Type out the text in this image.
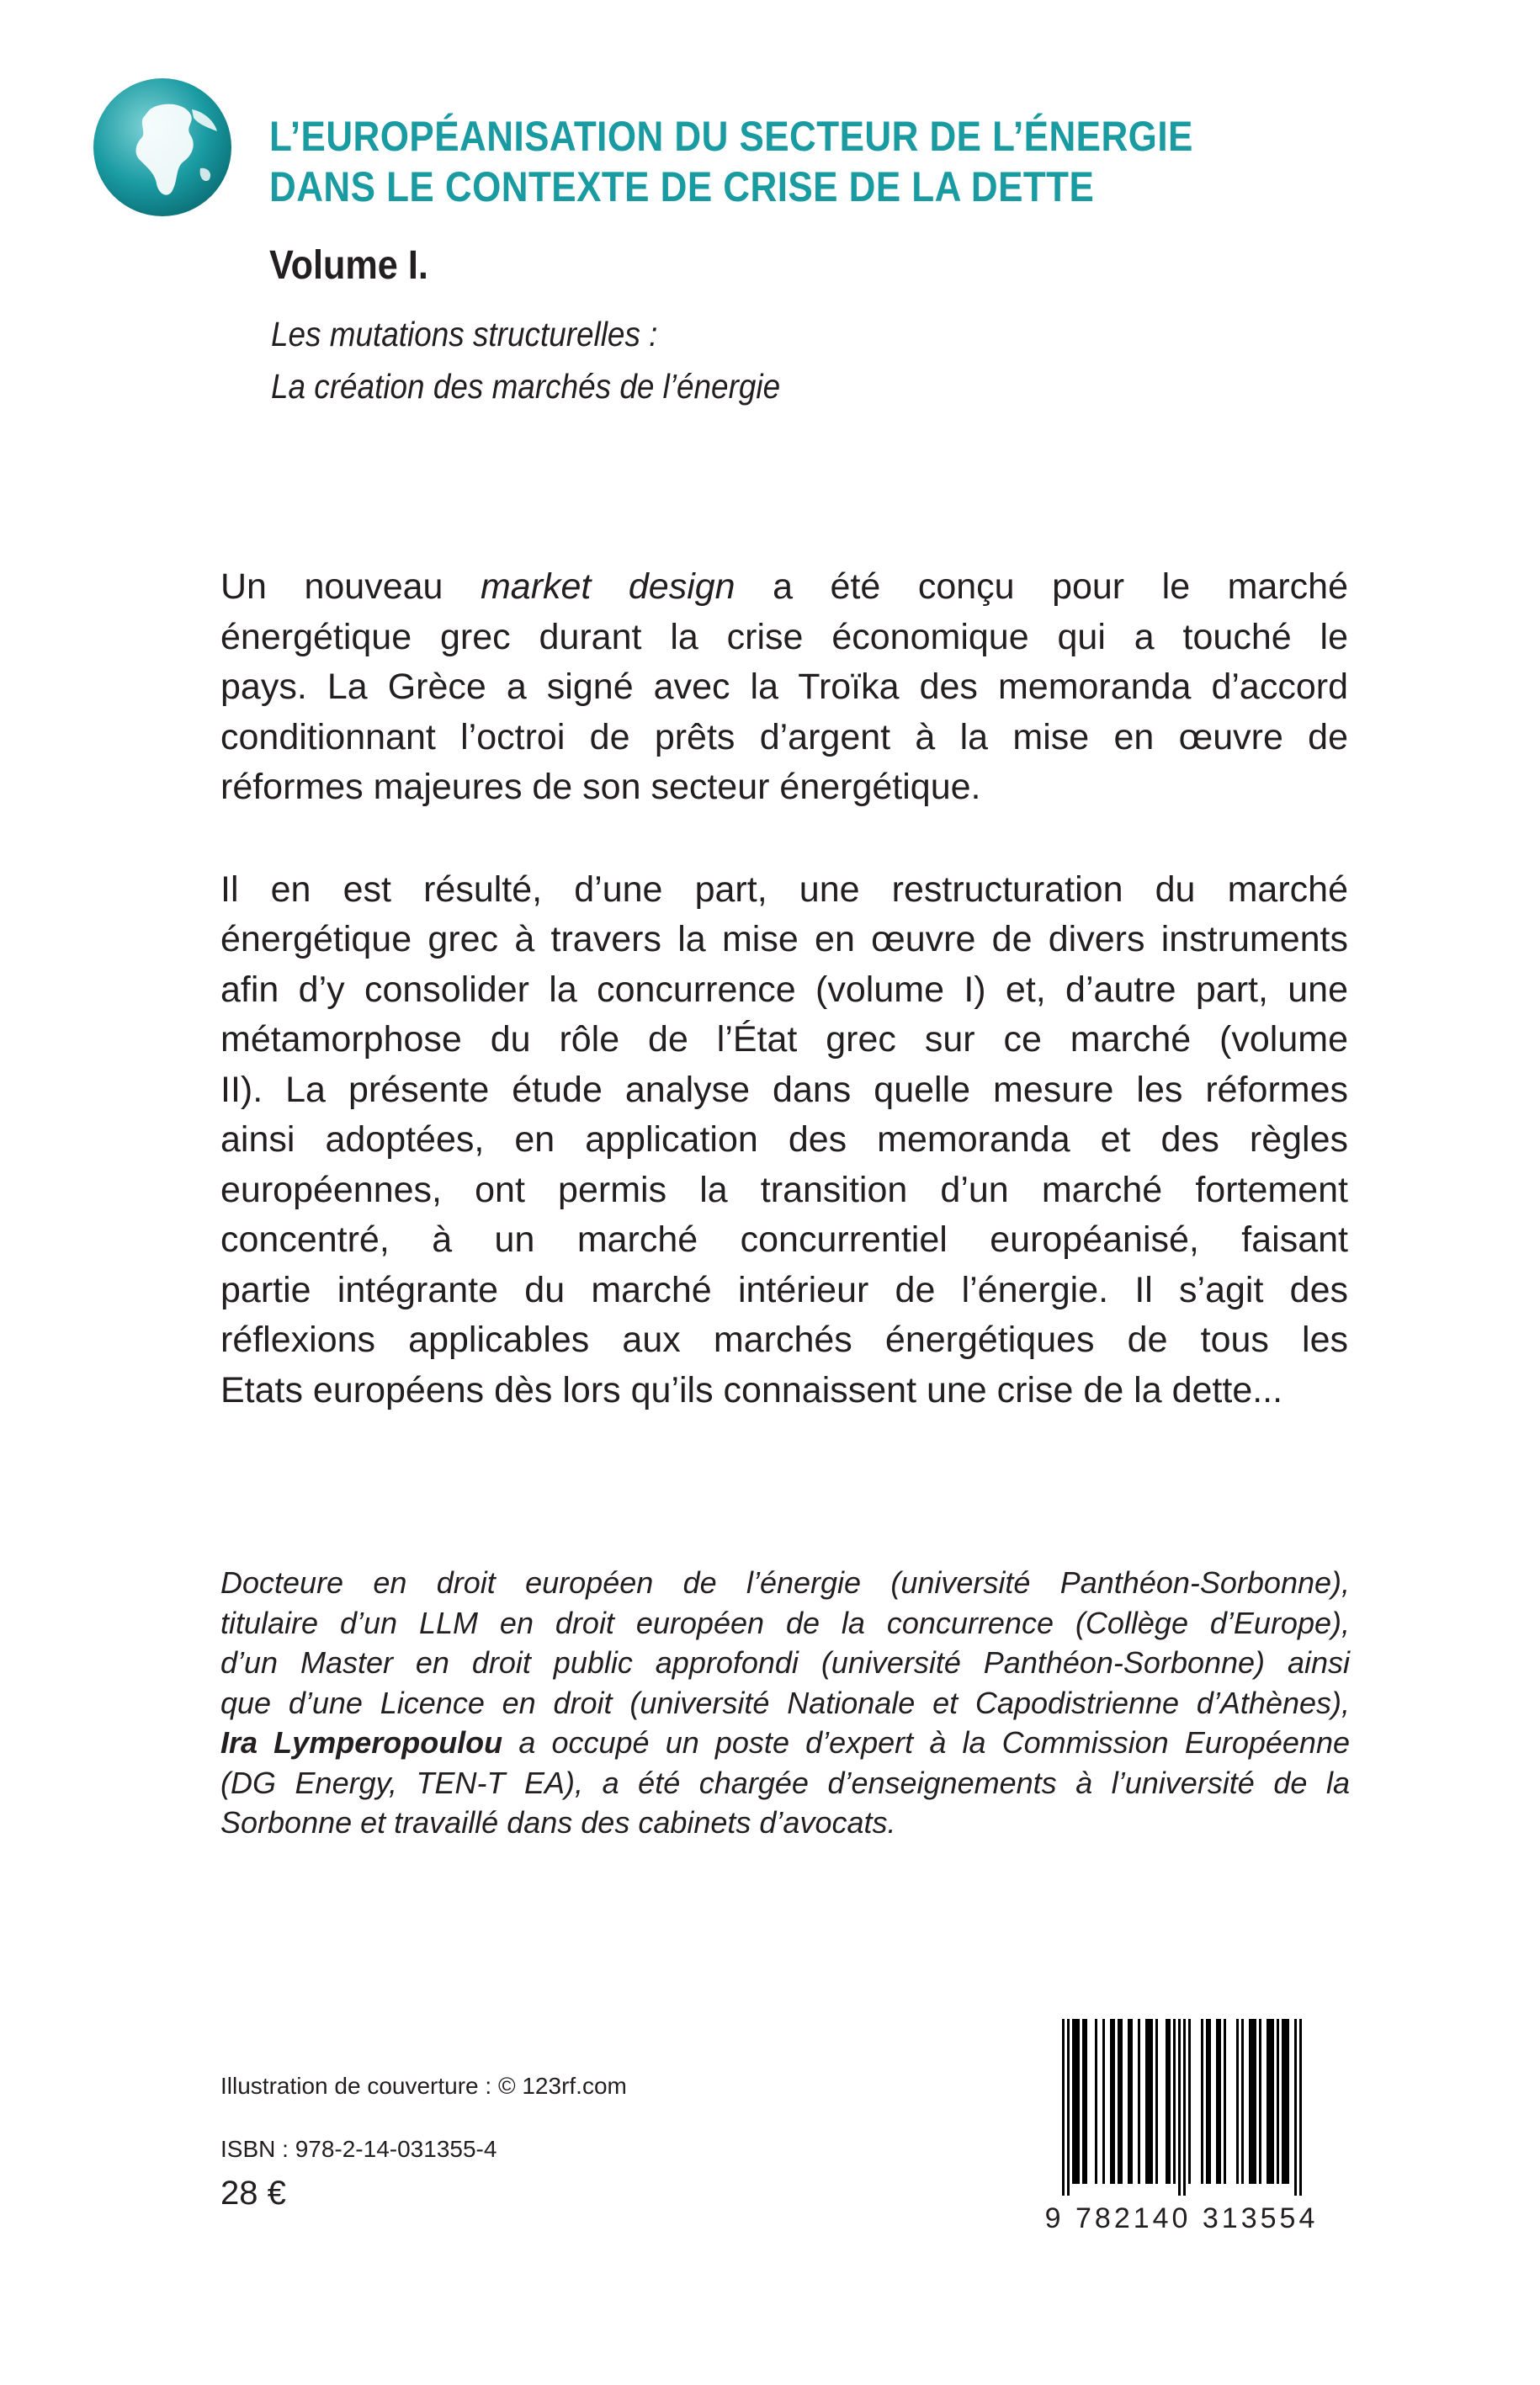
L’EUROPÉANISATION DU SECTEUR DE L’ÉNERGIE
DANS LE CONTEXTE DE CRISE DE LA DETTE
Volume I.
Les mutations structurelles :
La création des marchés de l’énergie

Un nouveau market design a été conçu pour le marché
énergétique grec durant la crise économique qui a touché le
pays. La Grèce a signé avec la Troïka des memoranda d’accord
conditionnant l’octroi de prêts d’argent à la mise en œuvre de
réformes majeures de son secteur énergétique.

Il en est résulté, d’une part, une restructuration du marché
énergétique grec à travers la mise en œuvre de divers instruments
afin d’y consolider la concurrence (volume I) et, d’autre part, une
métamorphose du rôle de l’État grec sur ce marché (volume
II). La présente étude analyse dans quelle mesure les réformes
ainsi adoptées, en application des memoranda et des règles
européennes, ont permis la transition d’un marché fortement
concentré, à un marché concurrentiel européanisé, faisant
partie intégrante du marché intérieur de l’énergie. Il s’agit des
réflexions applicables aux marchés énergétiques de tous les
Etats européens dès lors qu’ils connaissent une crise de la dette...

Docteure en droit européen de l’énergie (université Panthéon-Sorbonne),
titulaire d’un LLM en droit européen de la concurrence (Collège d’Europe),
d’un Master en droit public approfondi (université Panthéon-Sorbonne) ainsi
que d’une Licence en droit (université Nationale et Capodistrienne d’Athènes),
Ira Lymperopoulou a occupé un poste d’expert à la Commission Européenne
(DG Energy, TEN-T EA), a été chargée d’enseignements à l’université de la
Sorbonne et travaillé dans des cabinets d’avocats.
Illustration de couverture : © 123rf.com
ISBN : 978-2-14-031355-4
28 €
9 782140 313554
